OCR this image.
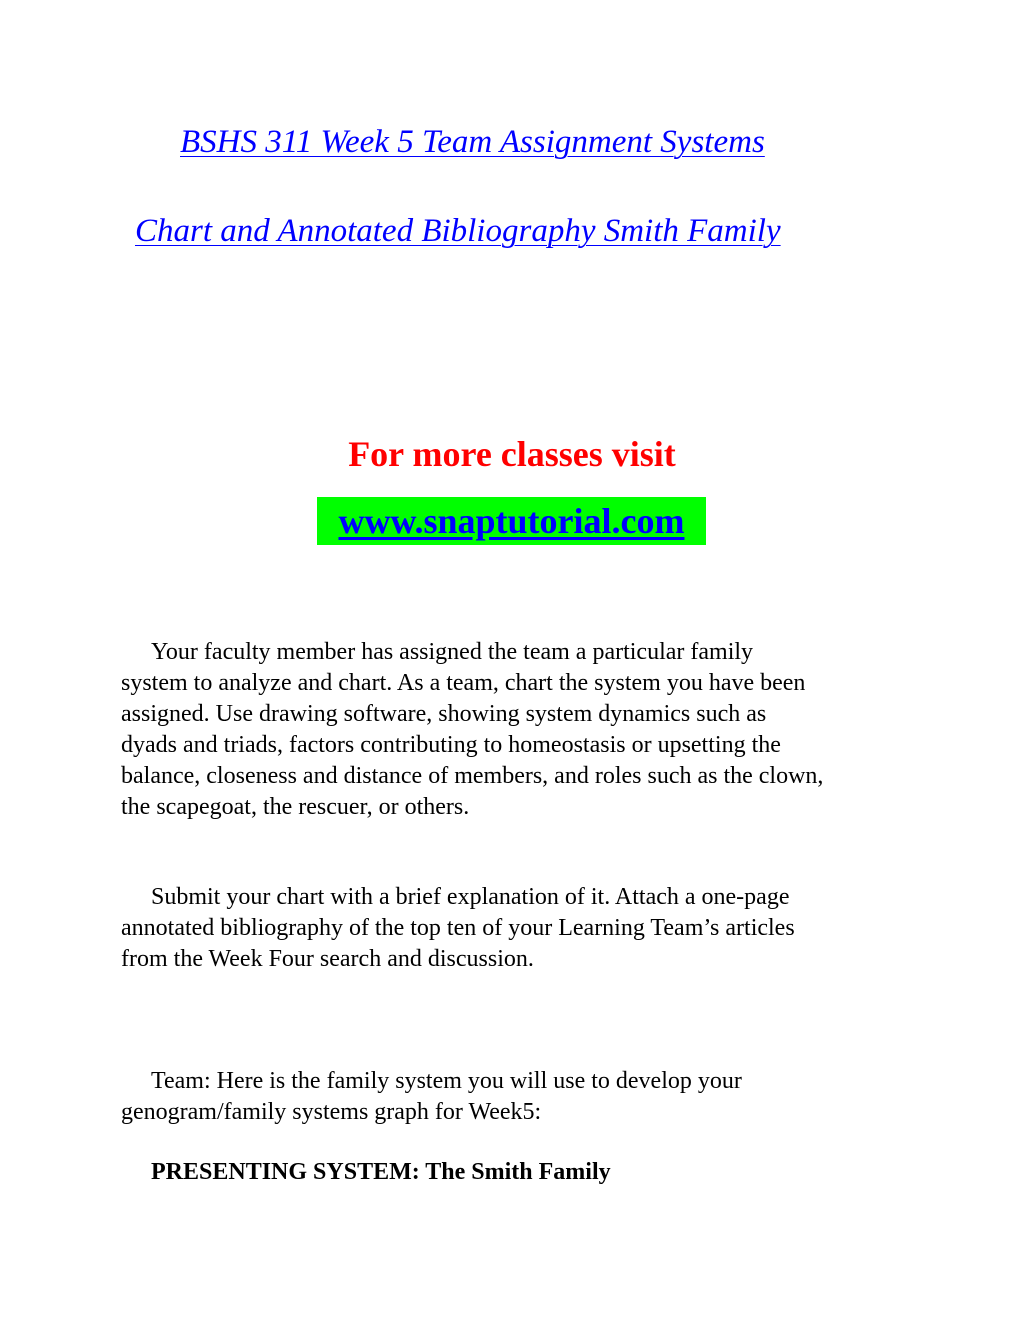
BSHS 311 Week 5 Team Assignment Systems
Chart and Annotated Bibliography Smith Family
For more classes visit
www.snaptutorial.com
Your faculty member has assigned the team a particular family
system to analyze and chart. As a team, chart the system you have been
assigned. Use drawing software, showing system dynamics such as
dyads and triads, factors contributing to homeostasis or upsetting the
balance, closeness and distance of members, and roles such as the clown,
the scapegoat, the rescuer, or others.
Submit your chart with a brief explanation of it. Attach a one-page
annotated bibliography of the top ten of your Learning Team’s articles
from the Week Four search and discussion.
Team: Here is the family system you will use to develop your
genogram/family systems graph for Week5:
PRESENTING SYSTEM: The Smith Family
